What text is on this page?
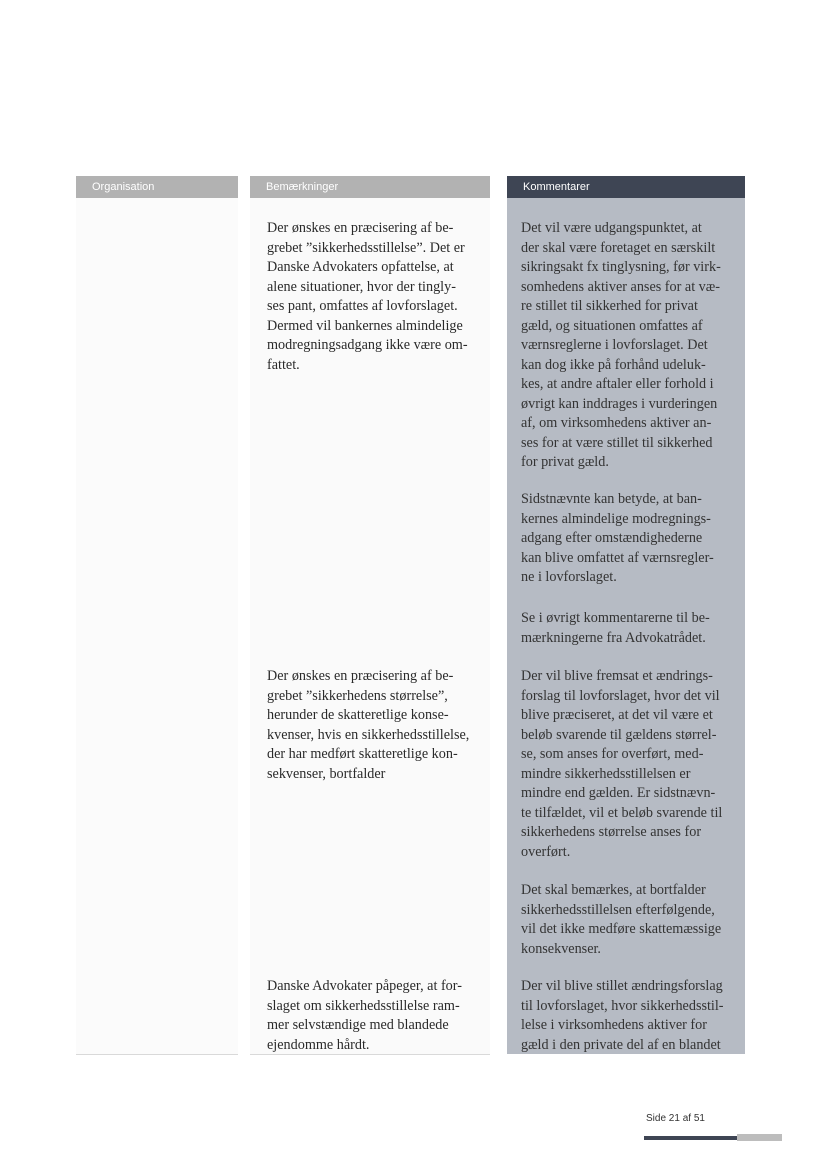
Organisation	Bemærkninger	Kommentarer

Der ønskes en præcisering af be-
grebet ”sikkerhedsstillelse”. Det er
Danske Advokaters opfattelse, at
alene situationer, hvor der tingly-
ses pant, omfattes af lovforslaget.
Dermed vil bankernes almindelige
modregningsadgang ikke være om-
fattet.

Der ønskes en præcisering af be-
grebet ”sikkerhedens størrelse”,
herunder de skatteretlige konse-
kvenser, hvis en sikkerhedsstillelse,
der har medført skatteretlige kon-
sekvenser, bortfalder

Danske Advokater påpeger, at for-
slaget om sikkerhedsstillelse ram-
mer selvstændige med blandede
ejendomme hårdt.

Det vil være udgangspunktet, at
der skal være foretaget en særskilt
sikringsakt fx tinglysning, før virk-
somhedens aktiver anses for at væ-
re stillet til sikkerhed for privat
gæld, og situationen omfattes af
værnsreglerne i lovforslaget. Det
kan dog ikke på forhånd udeluk-
kes, at andre aftaler eller forhold i
øvrigt kan inddrages i vurderingen
af, om virksomhedens aktiver an-
ses for at være stillet til sikkerhed
for privat gæld.

Sidstnævnte kan betyde, at ban-
kernes almindelige modregnings-
adgang efter omstændighederne
kan blive omfattet af værnsregler-
ne i lovforslaget.

Se i øvrigt kommentarerne til be-
mærkningerne fra Advokatrådet.

Der vil blive fremsat et ændrings-
forslag til lovforslaget, hvor det vil
blive præciseret, at det vil være et
beløb svarende til gældens størrel-
se, som anses for overført, med-
mindre sikkerhedsstillelsen er
mindre end gælden. Er sidstnævn-
te tilfældet, vil et beløb svarende til
sikkerhedens størrelse anses for
overført.

Det skal bemærkes, at bortfalder
sikkerhedsstillelsen efterfølgende,
vil det ikke medføre skattemæssige
konsekvenser.

Der vil blive stillet ændringsforslag
til lovforslaget, hvor sikkerhedsstil-
lelse i virksomhedens aktiver for
gæld i den private del af en blandet

Side 21 af 51
